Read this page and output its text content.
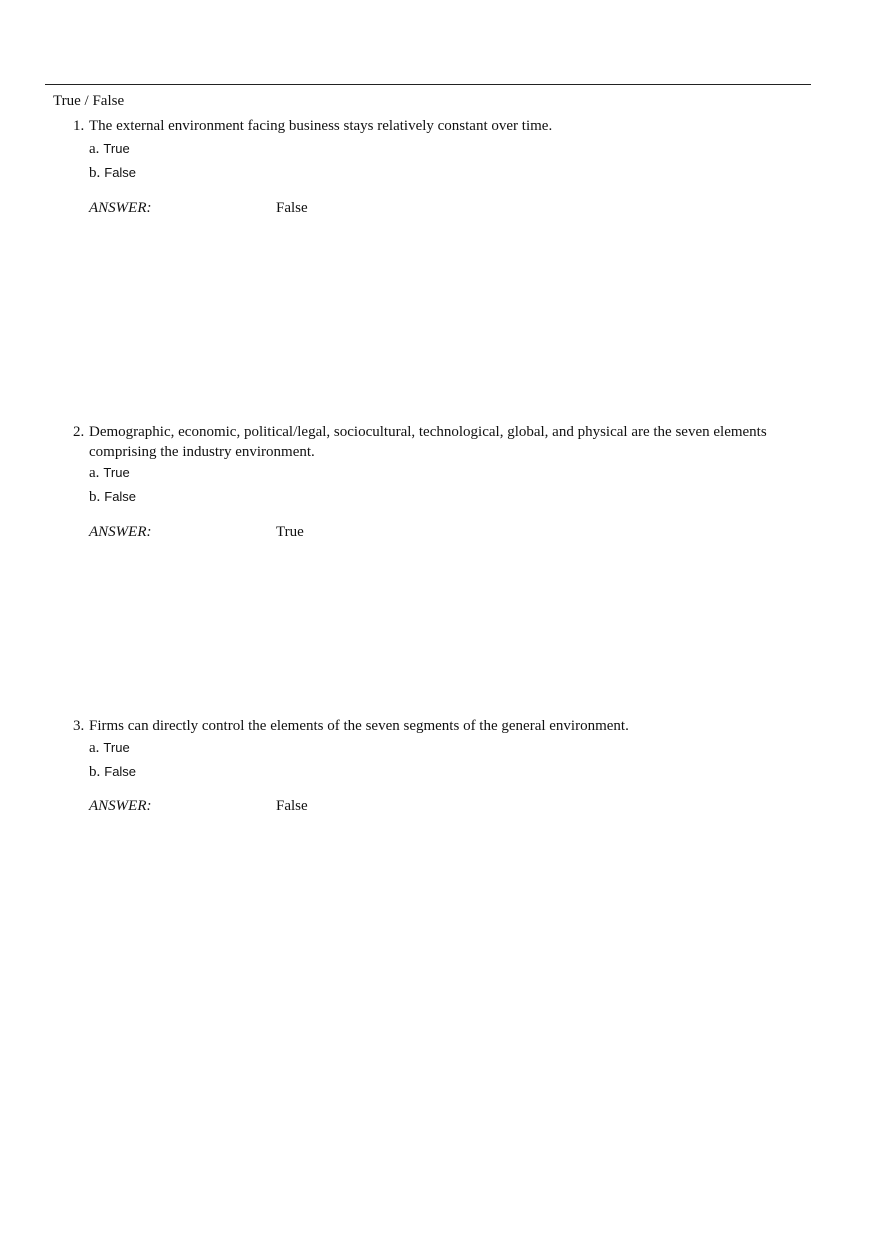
True / False
1. The external environment facing business stays relatively constant over time.
a. True
b. False
ANSWER:	False
2. Demographic, economic, political/legal, sociocultural, technological, global, and physical are the seven elements comprising the industry environment.
a. True
b. False
ANSWER:	True
3. Firms can directly control the elements of the seven segments of the general environment.
a. True
b. False
ANSWER:	False
